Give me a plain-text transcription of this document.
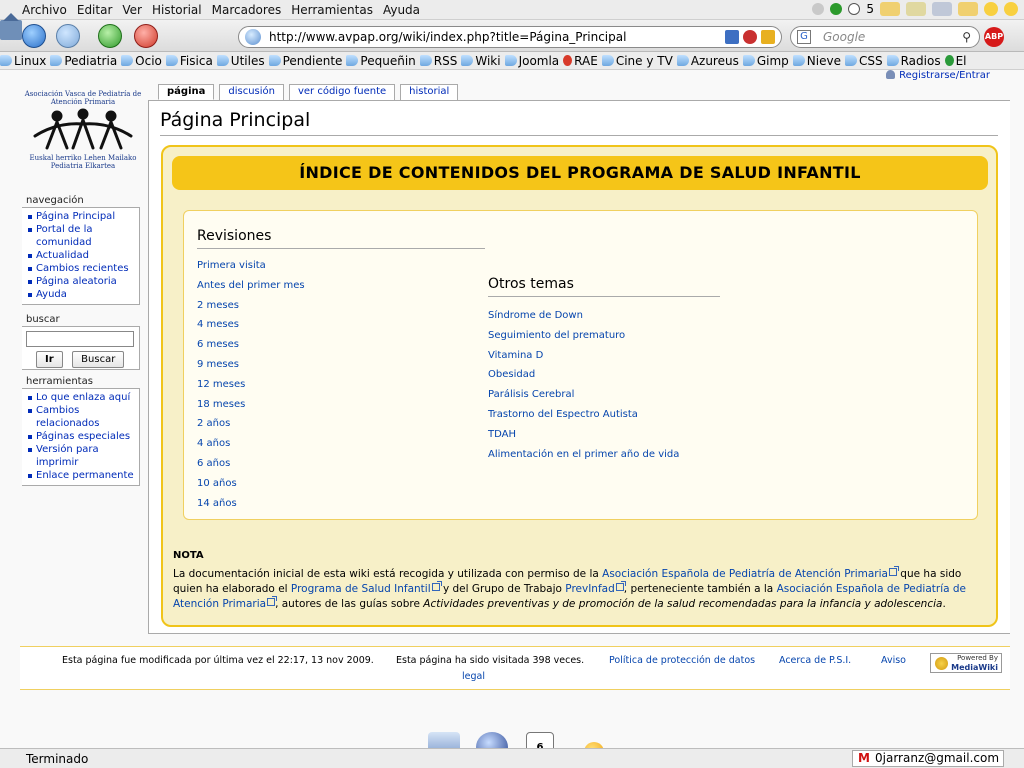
Archivo Editar Ver Historial Marcadores Herramientas Ayuda	5
http://www.avpap.org/wiki/index.php?title=Página_Principal	G Google	⚲ ABP
Linux Pediatria Ocio Fisica Utiles Pendiente Pequeñin RSS Wiki Joomla RAE Cine y TV Azureus Gimp Nieve CSS Radios El
Registrarse/Entrar
Asociación Vasca de Pediatría de Atención Primaria
Euskal herriko Lehen Mailako Pediatria Elkartea
navegación
Página Principal
Portal de la comunidad
Actualidad
Cambios recientes
Página aleatoria
Ayuda
buscar
Ir	Buscar
herramientas
Lo que enlaza aquí
Cambios relacionados
Páginas especiales
Versión para imprimir
Enlace permanente
página	discusión	ver código fuente	historial
Página Principal
ÍNDICE DE CONTENIDOS DEL PROGRAMA DE SALUD INFANTIL
Revisiones
Primera visita
Antes del primer mes
2 meses
4 meses
6 meses
9 meses
12 meses
18 meses
2 años
4 años
6 años
10 años
14 años
Otros temas
Síndrome de Down
Seguimiento del prematuro
Vitamina D
Obesidad
Parálisis Cerebral
Trastorno del Espectro Autista
TDAH
Alimentación en el primer año de vida
NOTA
La documentación inicial de esta wiki está recogida y utilizada con permiso de la Asociación Española de Pediatría de Atención Primaria que ha sido quien ha elaborado el Programa de Salud Infantil y del Grupo de Trabajo PrevInfad , perteneciente también a la Asociación Española de Pediatría de Atención Primaria , autores de las guías sobre Actividades preventivas y de promoción de la salud recomendadas para la infancia y adolescencia.
Esta página fue modificada por última vez el 22:17, 13 nov 2009. Esta página ha sido visitada 398 veces.
legal
Política de protección de datos	Acerca de P.S.I.	Aviso	Powered By
MediaWiki
Terminado	M 0jarranz@gmail.com
